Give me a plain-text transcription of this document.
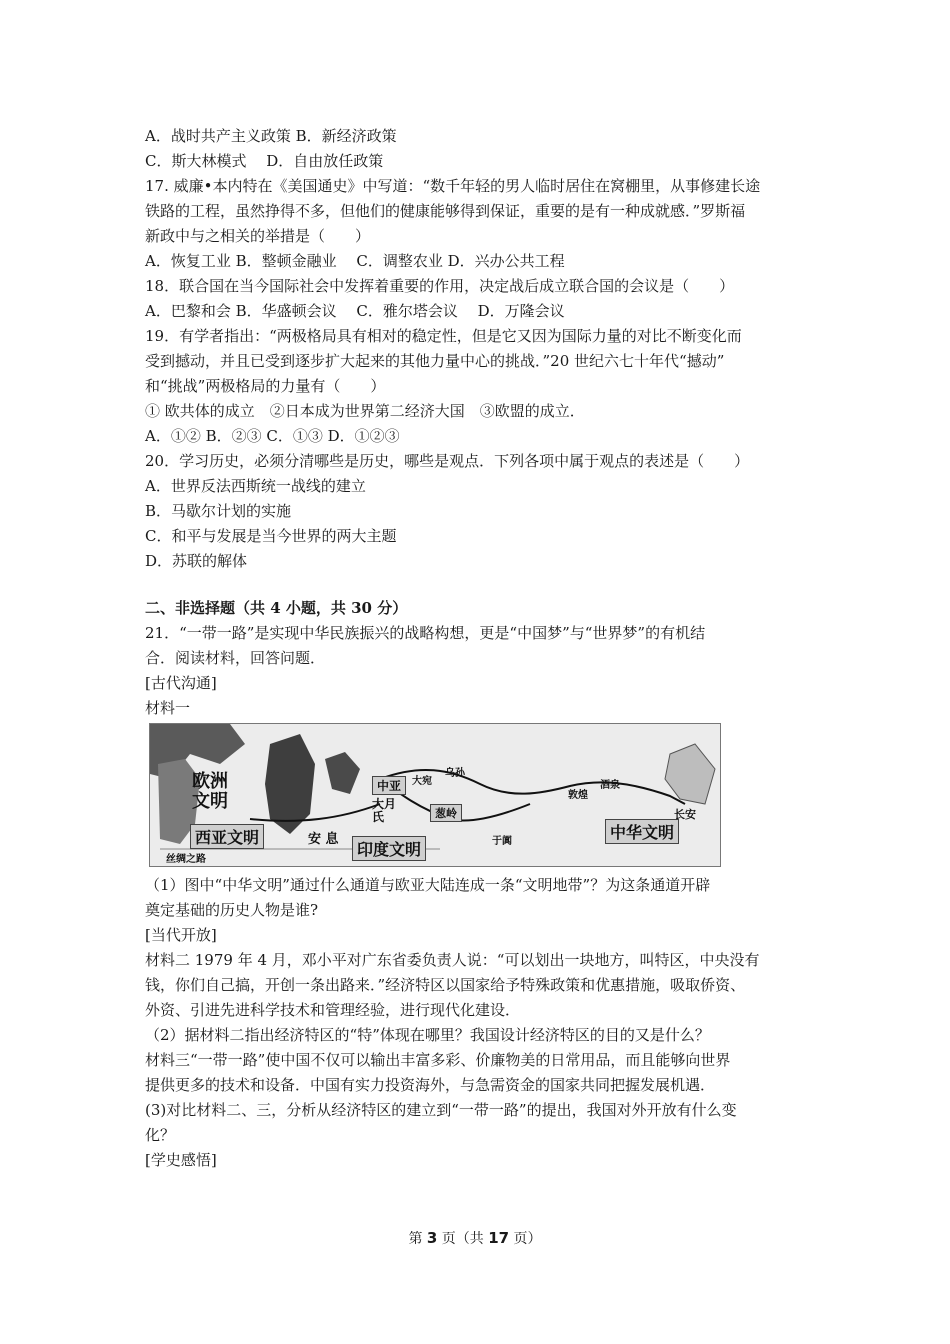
A．战时共产主义政策 B．新经济政策
C．斯大林模式　 D．自由放任政策
17. 威廉•本内特在《美国通史》中写道：“数千年轻的男人临时居住在窝棚里，从事修建长途
铁路的工程，虽然挣得不多，但他们的健康能够得到保证，重要的是有一种成就感．”罗斯福
新政中与之相关的举措是（　　）
A．恢复工业 B．整顿金融业　 C．调整农业 D．兴办公共工程
18．联合国在当今国际社会中发挥着重要的作用，决定战后成立联合国的会议是（　　）
A．巴黎和会 B．华盛顿会议　 C．雅尔塔会议　 D．万隆会议
19．有学者指出：“两极格局具有相对的稳定性，但是它又因为国际力量的对比不断变化而
受到撼动，并且已受到逐步扩大起来的其他力量中心的挑战．”20 世纪六七十年代“撼动”
和“挑战”两极格局的力量有（　　）
① 欧共体的成立　②日本成为世界第二经济大国　③欧盟的成立．
A．①② B．②③ C．①③ D．①②③
20．学习历史，必须分清哪些是历史，哪些是观点．下列各项中属于观点的表述是（　　）
A．世界反法西斯统一战线的建立
B．马歇尔计划的实施
C．和平与发展是当今世界的两大主题
D．苏联的解体
二、非选择题（共 4 小题，共 30 分）
21．“一带一路”是实现中华民族振兴的战略构想，更是“中国梦”与“世界梦”的有机结
合．阅读材料，回答问题．
[古代沟通]
材料一
欧洲
文明
西亚文明	安 息
印度文明
中华文明
中亚
大月
氏	葱岭
大宛
乌孙
于阗
敦煌
酒泉
长安
丝绸之路
（1）图中“中华文明”通过什么通道与欧亚大陆连成一条“文明地带”？为这条通道开辟
奠定基础的历史人物是谁?
[当代开放]
材料二 1979 年 4 月，邓小平对广东省委负责人说：“可以划出一块地方，叫特区，中央没有
钱，你们自己搞，开创一条出路来．”经济特区以国家给予特殊政策和优惠措施，吸取侨资、
外资、引进先进科学技术和管理经验，进行现代化建设．
（2）据材料二指出经济特区的“特”体现在哪里？我国设计经济特区的目的又是什么？
材料三“一带一路”使中国不仅可以输出丰富多彩、价廉物美的日常用品，而且能够向世界
提供更多的技术和设备．中国有实力投资海外，与急需资金的国家共同把握发展机遇．
(3)对比材料二、三，分析从经济特区的建立到“一带一路”的提出，我国对外开放有什么变
化？
[学史感悟]
第 3 页（共 17 页）
